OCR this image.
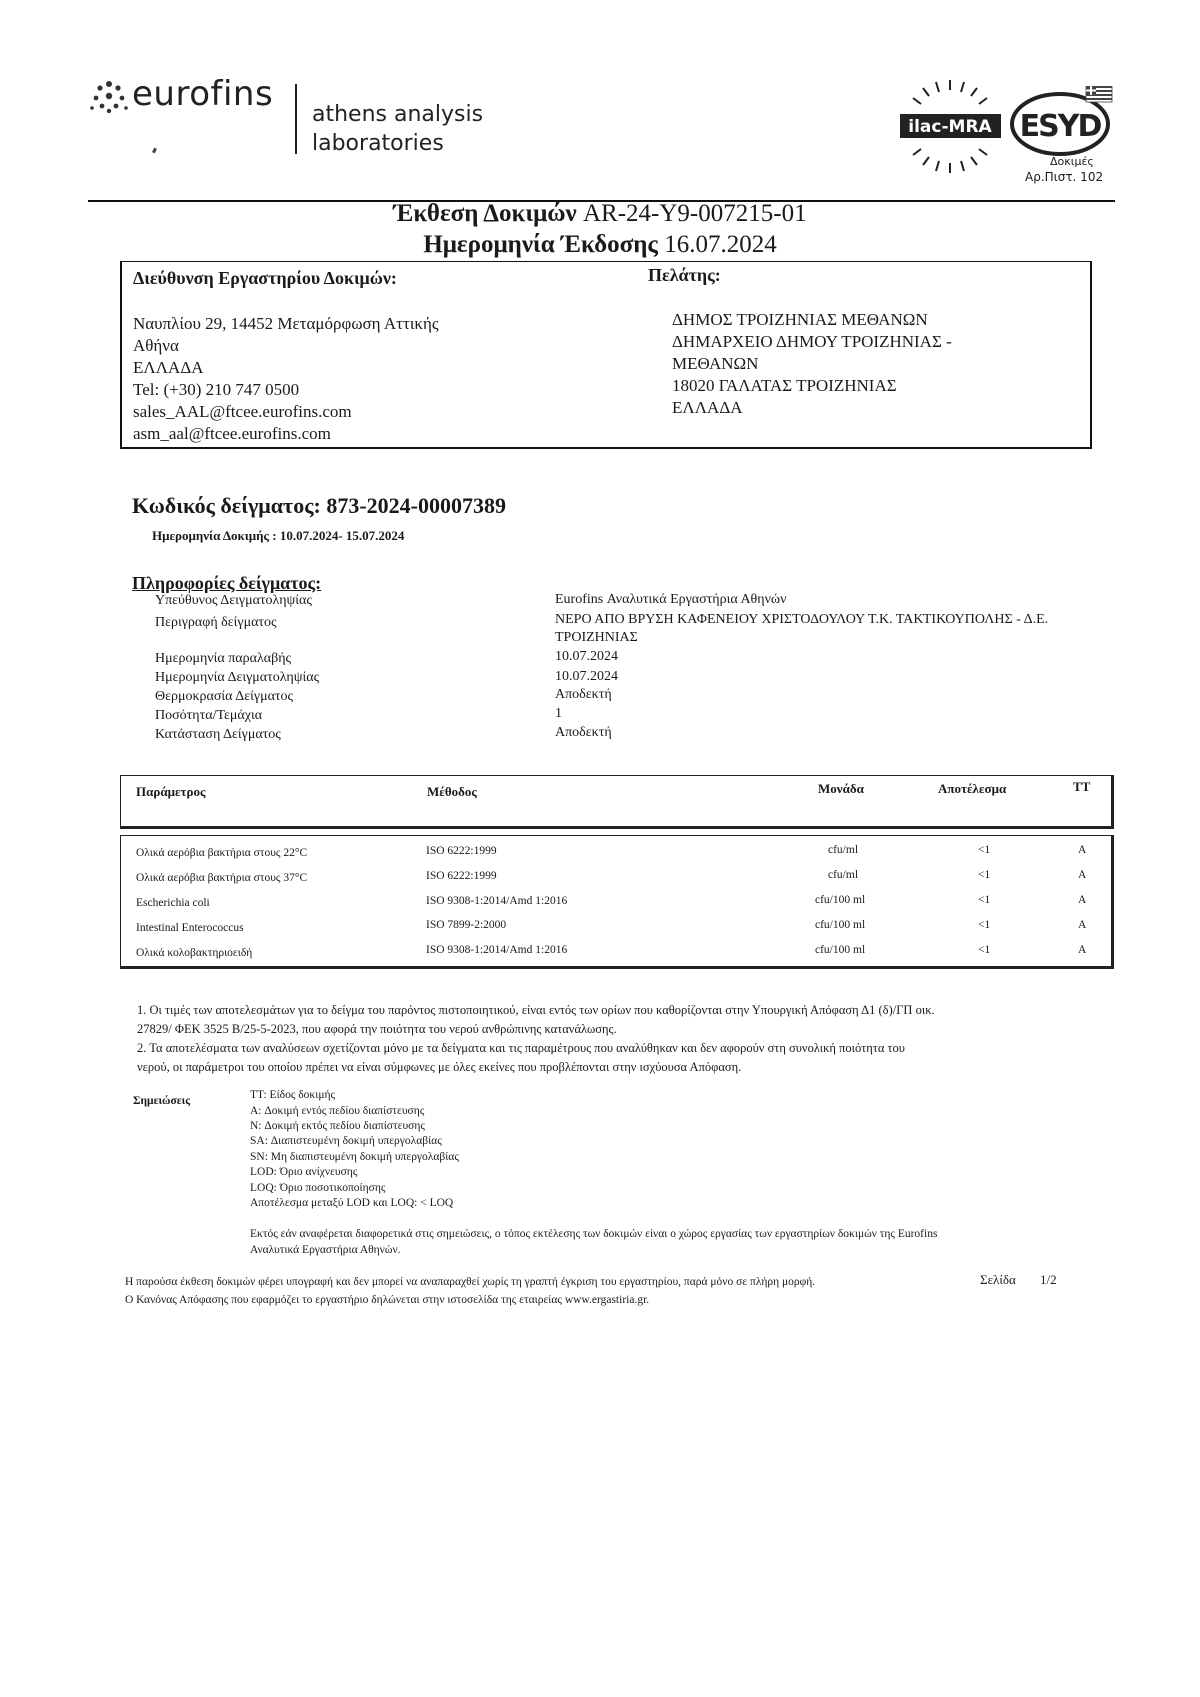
eurofins
athens analysis
laboratories
ilac-MRA ESYD
Δοκιμές
Αρ.Πιστ. 102
Έκθεση Δοκιμών AR-24-Y9-007215-01
Ημερομηνία Έκδοσης 16.07.2024
Διεύθυνση Εργαστηρίου Δοκιμών:
Ναυπλίου 29, 14452 Μεταμόρφωση Αττικής
Αθήνα
ΕΛΛΑΔΑ
Tel: (+30) 210 747 0500
sales_AAL@ftcee.eurofins.com
asm_aal@ftcee.eurofins.com
Πελάτης:
ΔΗΜΟΣ ΤΡΟΙΖΗΝΙΑΣ ΜΕΘΑΝΩΝ
ΔΗΜΑΡΧΕΙΟ ΔΗΜΟΥ ΤΡΟΙΖΗΝΙΑΣ -
ΜΕΘΑΝΩΝ
18020 ΓΑΛΑΤΑΣ ΤΡΟΙΖΗΝΙΑΣ
ΕΛΛΑΔΑ
Κωδικός δείγματος: 873-2024-00007389
Ημερομηνία Δοκιμής : 10.07.2024- 15.07.2024
Πληροφορίες δείγματος:
Υπεύθυνος Δειγματοληψίας	Eurofins Αναλυτικά Εργαστήρια Αθηνών
Περιγραφή δείγματος	ΝΕΡΟ ΑΠΟ ΒΡΥΣΗ ΚΑΦΕΝΕΙΟΥ ΧΡΙΣΤΟΔΟΥΛΟΥ Τ.Κ. ΤΑΚΤΙΚΟΥΠΟΛΗΣ - Δ.Ε.
ΤΡΟΙΖΗΝΙΑΣ
Ημερομηνία παραλαβής	10.07.2024
Ημερομηνία Δειγματοληψίας	10.07.2024
Θερμοκρασία Δείγματος	Αποδεκτή
Ποσότητα/Τεμάχια	1
Κατάσταση Δείγματος	Αποδεκτή
Παράμετρος	Μέθοδος	Μονάδα	Αποτέλεσμα	ΤΤ
Ολικά αερόβια βακτήρια στους 22°C	ISO 6222:1999	cfu/ml	<1	A
Ολικά αερόβια βακτήρια στους 37°C	ISO 6222:1999	cfu/ml	<1	A
Escherichia coli	ISO 9308-1:2014/Amd 1:2016	cfu/100 ml	<1	A
Intestinal Enterococcus	ISO 7899-2:2000	cfu/100 ml	<1	A
Ολικά κολοβακτηριοειδή	ISO 9308-1:2014/Amd 1:2016	cfu/100 ml	<1	A
1. Οι τιμές των αποτελεσμάτων για το δείγμα του παρόντος πιστοποιητικού, είναι εντός των ορίων που καθορίζονται στην Υπουργική Απόφαση Δ1 (δ)/ΓΠ οικ.
27829/ ΦΕΚ 3525 Β/25-5-2023, που αφορά την ποιότητα του νερού ανθρώπινης κατανάλωσης.
2. Τα αποτελέσματα των αναλύσεων σχετίζονται μόνο με τα δείγματα και τις παραμέτρους που αναλύθηκαν και δεν αφορούν στη συνολική ποιότητα του
νερού, οι παράμετροι του οποίου πρέπει να είναι σύμφωνες με όλες εκείνες που προβλέπονται στην ισχύουσα Απόφαση.
Σημειώσεις	TT: Είδος δοκιμής
A: Δοκιμή εντός πεδίου διαπίστευσης
N: Δοκιμή εκτός πεδίου διαπίστευσης
SA: Διαπιστευμένη δοκιμή υπεργολαβίας
SN: Μη διαπιστευμένη δοκιμή υπεργολαβίας
LOD: Όριο ανίχνευσης
LOQ: Όριο ποσοτικοποίησης
Αποτέλεσμα μεταξύ LOD και LOQ: < LOQ
Εκτός εάν αναφέρεται διαφορετικά στις σημειώσεις, ο τόπος εκτέλεσης των δοκιμών είναι ο χώρος εργασίας των εργαστηρίων δοκιμών της Eurofins
Αναλυτικά Εργαστήρια Αθηνών.
Η παρούσα έκθεση δοκιμών φέρει υπογραφή και δεν μπορεί να αναπαραχθεί χωρίς τη γραπτή έγκριση του εργαστηρίου, παρά μόνο σε πλήρη μορφή.
Ο Κανόνας Απόφασης που εφαρμόζει το εργαστήριο δηλώνεται στην ιστοσελίδα της εταιρείας www.ergastiria.gr.
Σελίδα 1/2
